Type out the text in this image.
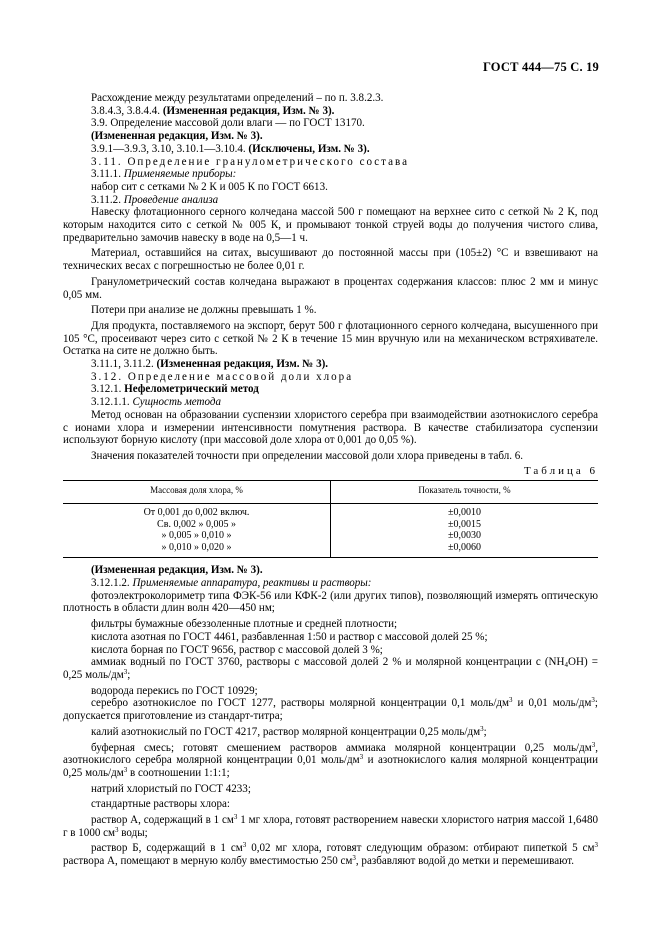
ГОСТ 444—75 С. 19

Расхождение между результатами определений – по п. 3.8.2.3.

3.8.4.3, 3.8.4.4. (Измененная редакция, Изм. № 3).

3.9. Определение массовой доли влаги — по ГОСТ 13170.

(Измененная редакция, Изм. № 3).

3.9.1—3.9.3, 3.10, 3.10.1—3.10.4. (Исключены, Изм. № 3).

3.11. Определение гранулометрического состава

3.11.1. Применяемые приборы:

набор сит с сетками № 2 К и 005 К по ГОСТ 6613.

3.11.2. Проведение анализа

Навеску флотационного серного колчедана массой 500 г помещают на верхнее сито с сеткой № 2 К, под которым находится сито с сеткой № 005 К, и промывают тонкой струей воды до получения чистого слива, предварительно замочив навеску в воде на 0,5—1 ч.

Материал, оставшийся на ситах, высушивают до постоянной массы при (105±2) °С и взвешивают на технических весах с погрешностью не более 0,01 г.

Гранулометрический состав колчедана выражают в процентах содержания классов: плюс 2 мм и минус 0,05 мм.

Потери при анализе не должны превышать 1 %.

Для продукта, поставляемого на экспорт, берут 500 г флотационного серного колчедана, высушенного при 105 °С, просеивают через сито с сеткой № 2 К в течение 15 мин вручную или на механическом встряхивателе. Остатка на сите не должно быть.

3.11.1, 3.11.2. (Измененная редакция, Изм. № 3).

3.12. Определение массовой доли хлора

3.12.1. Нефелометрический метод

3.12.1.1. Сущность метода

Метод основан на образовании суспензии хлористого серебра при взаимодействии азотнокислого серебра с ионами хлора и измерении интенсивности помутнения раствора. В качестве стабилизатора суспензии используют борную кислоту (при массовой доле хлора от 0,001 до 0,05 %).

Значения показателей точности при определении массовой доли хлора приведены в табл. 6.

Таблица 6

Массовая доля хлора, %	Показатель точности, %
От 0,001 до 0,002 включ.	±0,0010
Св. 0,002 » 0,005 »	±0,0015
» 0,005 » 0,010 »	±0,0030
» 0,010 » 0,020 »	±0,0060

(Измененная редакция, Изм. № 3).

3.12.1.2. Применяемые аппаратура, реактивы и растворы:

фотоэлектроколориметр типа ФЭК-56 или КФК-2 (или других типов), позволяющий измерять оптическую плотность в области длин волн 420—450 нм;

фильтры бумажные обеззоленные плотные и средней плотности;

кислота азотная по ГОСТ 4461, разбавленная 1:50 и раствор с массовой долей 25 %;

кислота борная по ГОСТ 9656, раствор с массовой долей 3 %;

аммиак водный по ГОСТ 3760, растворы с массовой долей 2 % и молярной концентрации c $(NH_4OH) = 0,25$ моль/$дм^3$;

водорода перекись по ГОСТ 10929;

серебро азотнокислое по ГОСТ 1277, растворы молярной концентрации 0,1 моль/$дм^3$ и 0,01 моль/$дм^3$; допускается приготовление из стандарт-титра;

калий азотнокислый по ГОСТ 4217, раствор молярной концентрации 0,25 моль/$дм^3$;

буферная смесь; готовят смешением растворов аммиака молярной концентрации 0,25 моль/$дм^3$, азотнокислого серебра молярной концентрации 0,01 моль/$дм^3$ и азотнокислого калия молярной концентрации 0,25 моль/$дм^3$ в соотношении 1:1:1;

натрий хлористый по ГОСТ 4233;

стандартные растворы хлора:

раствор А, содержащий в 1 $см^3$ 1 мг хлора, готовят растворением навески хлористого натрия массой 1,6480 г в 1000 $см^3$ воды;

раствор Б, содержащий в 1 $см^3$ 0,02 мг хлора, готовят следующим образом: отбирают пипеткой 5 $см^3$ раствора А, помещают в мерную колбу вместимостью 250 $см^3$, разбавляют водой до метки и перемешивают.
